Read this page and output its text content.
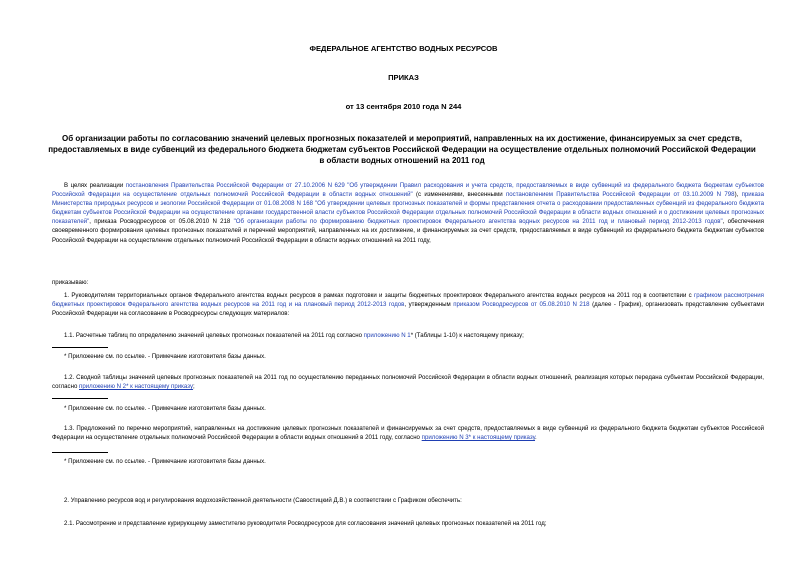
ФЕДЕРАЛЬНОЕ АГЕНТСТВО ВОДНЫХ РЕСУРСОВ
ПРИКАЗ
от 13 сентября 2010 года N 244
Об организации работы по согласованию значений целевых прогнозных показателей и мероприятий, направленных на их достижение, финансируемых за счет средств, предоставляемых в виде субвенций из федерального бюджета бюджетам субъектов Российской Федерации на осуществление отдельных полномочий Российской Федерации в области водных отношений на 2011 год
В целях реализации постановления Правительства Российской Федерации от 27.10.2006 N 629 "Об утверждении Правил расходования и учета средств, предоставляемых в виде субвенций из федерального бюджета бюджетам субъектов Российской Федерации на осуществление отдельных полномочий Российской Федерации в области водных отношений" (с изменениями, внесенными постановлением Правительства Российской Федерации от 03.10.2009 N 798), приказа Министерства природных ресурсов и экологии Российской Федерации от 01.08.2008 N 168 "Об утверждении целевых прогнозных показателей и формы представления отчета о расходовании предоставленных субвенций из федерального бюджета бюджетам субъектов Российской Федерации на осуществление органами государственной власти субъектов Российской Федерации отдельных полномочий Российской Федерации в области водных отношений и о достижении целевых прогнозных показателей", приказа Росводресурсов от 05.08.2010 N 218 "Об организации работы по формированию бюджетных проектировок Федерального агентства водных ресурсов на 2011 год и плановый период 2012-2013 годов", обеспечения своевременного формирования целевых прогнозных показателей и перечней мероприятий, направленных на их достижение, и финансируемых за счет средств, предоставляемых в виде субвенций из федерального бюджета бюджетам субъектов Российской Федерации на осуществление отдельных полномочий Российской Федерации в области водных отношений на 2011 году,
приказываю:
1. Руководителям территориальных органов Федерального агентства водных ресурсов в рамках подготовки и защиты бюджетных проектировок Федерального агентства водных ресурсов на 2011 год в соответствии с графиком рассмотрения бюджетных проектировок Федерального агентства водных ресурсов на 2011 год и на плановый период 2012-2013 годов, утвержденным приказом Росводресурсов от 05.08.2010 N 218 (далее - График), организовать представление субъектами Российской Федерации на согласование в Росводресурсы следующих материалов:
1.1. Расчетные таблиц по определению значений целевых прогнозных показателей на 2011 год согласно приложению N 1* (Таблицы 1-10) к настоящему приказу;
* Приложение см. по ссылке. - Примечание изготовителя базы данных.
1.2. Сводной таблицы значений целевых прогнозных показателей на 2011 год по осуществлению переданных полномочий Российской Федерации в области водных отношений, реализация которых передана субъектам Российской Федерации, согласно приложению N 2* к настоящему приказу;
* Приложение см. по ссылке. - Примечание изготовителя базы данных.
1.3. Предложений по перечню мероприятий, направленных на достижение целевых прогнозных показателей и финансируемых за счет средств, предоставляемых в виде субвенций из федерального бюджета бюджетам субъектов Российской Федерации на осуществление отдельных полномочий Российской Федерации в области водных отношений в 2011 году, согласно приложению N 3* к настоящему приказу.
* Приложение см. по ссылке. - Примечание изготовителя базы данных.
2. Управлению ресурсов вод и регулирования водохозяйственной деятельности (Савостицкий Д.В.) в соответствии с Графиком обеспечить:
2.1. Рассмотрение и представление курирующему заместителю руководителя Росводресурсов для согласования значений целевых прогнозных показателей на 2011 год;
